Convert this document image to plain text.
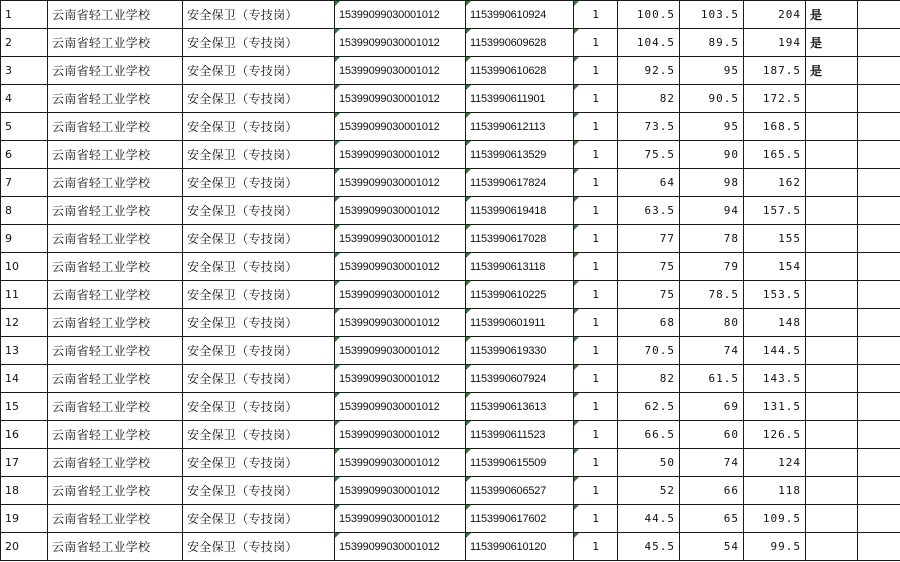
1	云南省轻工业学校	安全保卫（专技岗）	15399099030001012	1153990610924	1	100.5	103.5	204	是	
2	云南省轻工业学校	安全保卫（专技岗）	15399099030001012	1153990609628	1	104.5	89.5	194	是	
3	云南省轻工业学校	安全保卫（专技岗）	15399099030001012	1153990610628	1	92.5	95	187.5	是	
4	云南省轻工业学校	安全保卫（专技岗）	15399099030001012	1153990611901	1	82	90.5	172.5		
5	云南省轻工业学校	安全保卫（专技岗）	15399099030001012	1153990612113	1	73.5	95	168.5		
6	云南省轻工业学校	安全保卫（专技岗）	15399099030001012	1153990613529	1	75.5	90	165.5		
7	云南省轻工业学校	安全保卫（专技岗）	15399099030001012	1153990617824	1	64	98	162		
8	云南省轻工业学校	安全保卫（专技岗）	15399099030001012	1153990619418	1	63.5	94	157.5		
9	云南省轻工业学校	安全保卫（专技岗）	15399099030001012	1153990617028	1	77	78	155		
10	云南省轻工业学校	安全保卫（专技岗）	15399099030001012	1153990613118	1	75	79	154		
11	云南省轻工业学校	安全保卫（专技岗）	15399099030001012	1153990610225	1	75	78.5	153.5		
12	云南省轻工业学校	安全保卫（专技岗）	15399099030001012	1153990601911	1	68	80	148		
13	云南省轻工业学校	安全保卫（专技岗）	15399099030001012	1153990619330	1	70.5	74	144.5		
14	云南省轻工业学校	安全保卫（专技岗）	15399099030001012	1153990607924	1	82	61.5	143.5		
15	云南省轻工业学校	安全保卫（专技岗）	15399099030001012	1153990613613	1	62.5	69	131.5		
16	云南省轻工业学校	安全保卫（专技岗）	15399099030001012	1153990611523	1	66.5	60	126.5		
17	云南省轻工业学校	安全保卫（专技岗）	15399099030001012	1153990615509	1	50	74	124		
18	云南省轻工业学校	安全保卫（专技岗）	15399099030001012	1153990606527	1	52	66	118		
19	云南省轻工业学校	安全保卫（专技岗）	15399099030001012	1153990617602	1	44.5	65	109.5		
20	云南省轻工业学校	安全保卫（专技岗）	15399099030001012	1153990610120	1	45.5	54	99.5		
